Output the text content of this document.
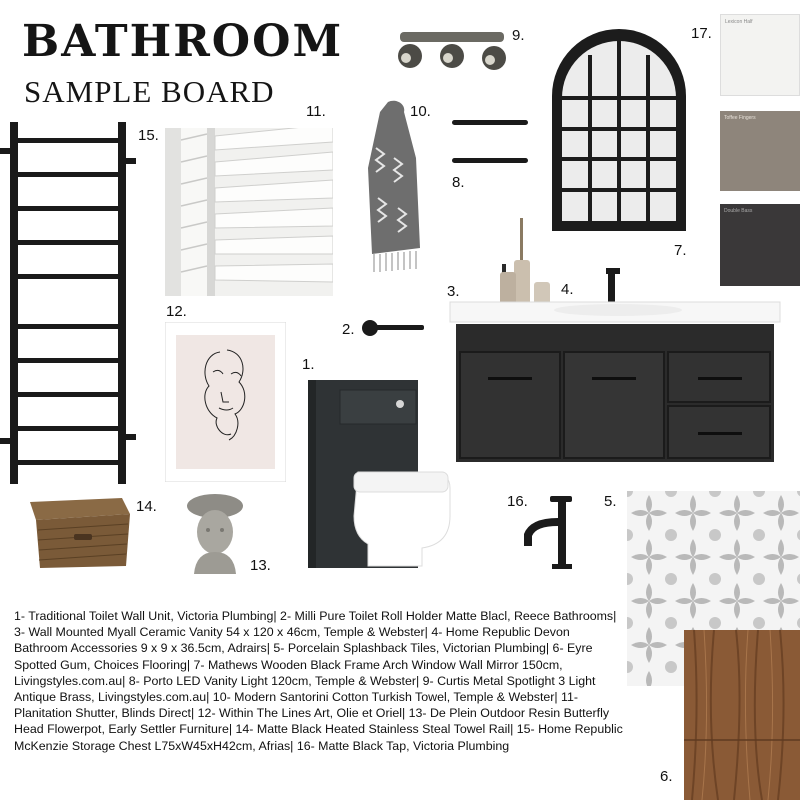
BATHROOM
SAMPLE BOARD
15.
11.	10.
9.
8.
7.
Lexicon Half
Toffee Fingers
Double Bass
17.
12.
2.
1.
3.	4.
14.
13.
16.	5.
6.
1- Traditional Toilet Wall Unit, Victoria Plumbing| 2- Milli Pure Toilet Roll Holder Matte Blacl, Reece Bathrooms| 3- Wall Mounted Myall Ceramic Vanity 54 x 120 x 46cm, Temple & Webster| 4- Home Republic Devon Bathroom Accessories 9 x 9 x 36.5cm, Adrairs| 5- Porcelain Splashback Tiles, Victorian Plumbing| 6- Eyre Spotted Gum, Choices Flooring| 7- Mathews Wooden Black Frame Arch Window Wall Mirror 150cm, Livingstyles.com.au| 8- Porto LED Vanity Light 120cm, Temple & Webster| 9- Curtis Metal Spotlight 3 Light Antique Brass, Livingstyles.com.au| 10- Modern Santorini Cotton Turkish Towel, Temple & Webster| 11- Planitation Shutter, Blinds Direct| 12- Within The Lines Art, Olie et Oriel| 13- De Plein Outdoor Resin Butterfly Head Flowerpot, Early Settler Furniture| 14- Matte Black Heated Stainless Steal Towel Rail| 15- Home Republic McKenzie Storage Chest L75xW45xH42cm, Afrias| 16- Matte Black Tap, Victoria Plumbing
